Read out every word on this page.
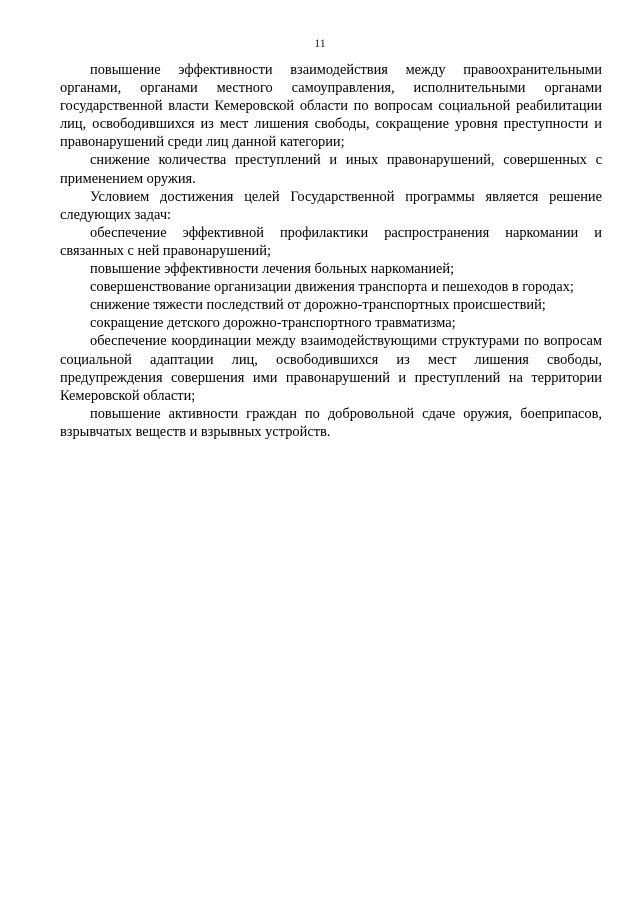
11

повышение эффективности взаимодействия между правоохранительными органами, органами местного самоуправления, исполнительными органами государственной власти Кемеровской области по вопросам социальной реабилитации лиц, освободившихся из мест лишения свободы, сокращение уровня преступности и правонарушений среди лиц данной категории;

снижение количества преступлений и иных правонарушений, совершенных с применением оружия.

Условием достижения целей Государственной программы является решение следующих задач:

обеспечение эффективной профилактики распространения наркомании и связанных с ней правонарушений;

повышение эффективности лечения больных наркоманией;

совершенствование организации движения транспорта и пешеходов в городах;

снижение тяжести последствий от дорожно-транспортных происшествий;

сокращение детского дорожно-транспортного травматизма;

обеспечение координации между взаимодействующими структурами по вопросам социальной адаптации лиц, освободившихся из мест лишения свободы, предупреждения совершения ими правонарушений и преступлений на территории Кемеровской области;

повышение активности граждан по добровольной сдаче оружия, боеприпасов, взрывчатых веществ и взрывных устройств.
